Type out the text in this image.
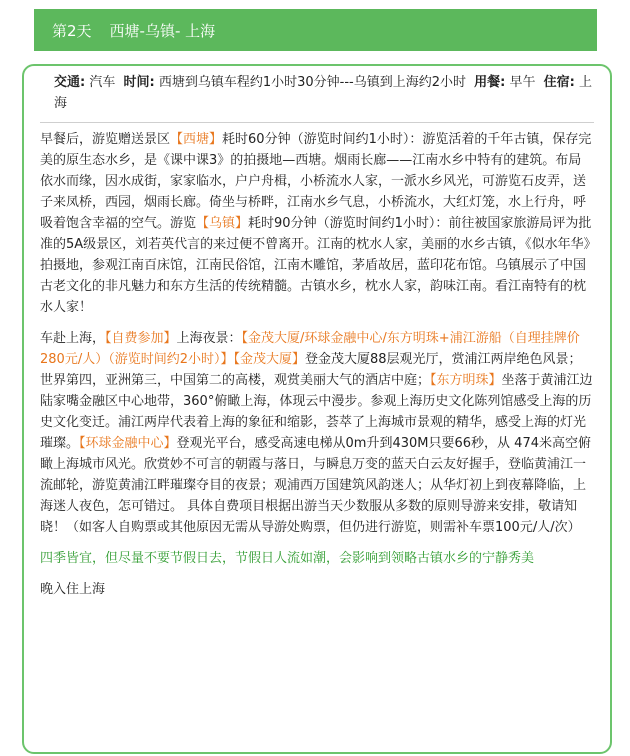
第2天 西塘-乌镇- 上海
交通: 汽车 时间: 西塘到乌镇车程约1小时30分钟---乌镇到上海约2小时 用餐: 早午 住宿: 上海

早餐后，游览赠送景区【西塘】耗时60分钟（游览时间约1小时）：游览活着的千年古镇，保存完美的原生态水乡，是《课中课3》的拍摄地—西塘。烟雨长廊——江南水乡中特有的建筑。布局依水而缘，因水成街，家家临水，户户舟楫，小桥流水人家，一派水乡风光，可游览石皮弄，送子来凤桥，西园，烟雨长廊。倚坐与桥畔，江南水乡气息，小桥流水，大红灯笼，水上行舟，呼吸着饱含幸福的空气。游览【乌镇】耗时90分钟（游览时间约1小时）：前往被国家旅游局评为批准的5A级景区，刘若英代言的来过便不曾离开。江南的枕水人家，美丽的水乡古镇，《似水年华》拍摄地，参观江南百床馆，江南民俗馆，江南木雕馆，茅盾故居，蓝印花布馆。乌镇展示了中国古老文化的非凡魅力和东方生活的传统精髓。古镇水乡，枕水人家，韵味江南。看江南特有的枕水人家！

车赴上海，【自费参加】上海夜景：【金茂大厦/环球金融中心/东方明珠+浦江游船（自理挂牌价280元/人）（游览时间约2小时）】【金茂大厦】登金茂大厦88层观光厅，赏浦江两岸绝色风景；世界第四，亚洲第三，中国第二的高楼，观赏美丽大气的酒店中庭；【东方明珠】坐落于黄浦江边陆家嘴金融区中心地带，360°俯瞰上海，体现云中漫步。参观上海历史文化陈列馆感受上海的历史文化变迁。浦江两岸代表着上海的象征和缩影，荟萃了上海城市景观的精华，感受上海的灯光璀璨。【环球金融中心】登观光平台，感受高速电梯从0m升到430M只要66秒，从 474米高空俯瞰上海城市风光。欣赏妙不可言的朝霞与落日，与瞬息万变的蓝天白云友好握手，登临黄浦江一流邮轮，游览黄浦江畔璀璨夺目的夜景；观浦西万国建筑风韵迷人；从华灯初上到夜幕降临，上海迷人夜色，怎可错过。 具体自费项目根据出游当天少数服从多数的原则导游来安排，敬请知晓！（如客人自购票或其他原因无需从导游处购票，但仍进行游览，则需补车票100元/人/次）

四季皆宜，但尽量不要节假日去，节假日人流如潮，会影响到领略古镇水乡的宁静秀美

晚入住上海
